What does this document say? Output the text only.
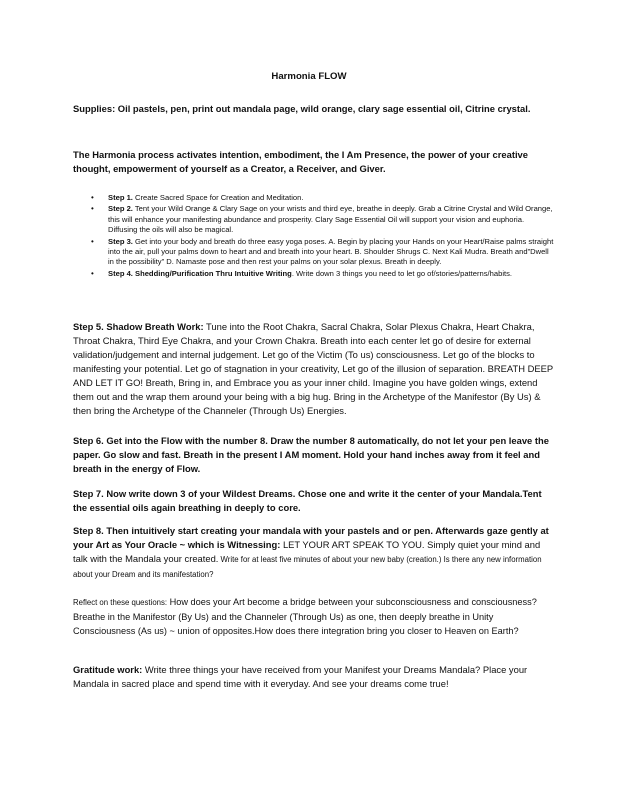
Harmonia FLOW

Supplies: Oil pastels, pen, print out mandala page, wild orange, clary sage essential oil, Citrine crystal.

The Harmonia process activates intention, embodiment, the I Am Presence, the power of your creative thought, empowerment of yourself as a Creator, a Receiver, and Giver.

• Step 1. Create Sacred Space for Creation and Meditation.
• Step 2. Tent your Wild Orange & Clary Sage on your wrists and third eye, breathe in deeply. Grab a Citrine Crystal and Wild Orange, this will enhance your manifesting abundance and prosperity. Clary Sage Essential Oil will support your vision and euphoria. Diffusing the oils will also be magical.
• Step 3. Get into your body and breath do three easy yoga poses. A. Begin by placing your Hands on your Heart/Raise palms straight into the air, pull your palms down to heart and and breath into your heart. B. Shoulder Shrugs C. Next Kali Mudra. Breath and”Dwell in the possibility” D. Namaste pose and then rest your palms on your solar plexus. Breath in deeply.
• Step 4. Shedding/Purification Thru Intuitive Writing. Write down 3 things you need to let go of/stories/patterns/habits.

Step 5. Shadow Breath Work: Tune into the Root Chakra, Sacral Chakra, Solar Plexus Chakra, Heart Chakra, Throat Chakra, Third Eye Chakra, and your Crown Chakra. Breath into each center let go of desire for external validation/judgement and internal judgement. Let go of the Victim (To us) consciousness. Let go of the blocks to manifesting your potential. Let go of stagnation in your creativity, Let go of the illusion of separation. BREATH DEEP AND LET IT GO! Breath, Bring in, and Embrace you as your inner child. Imagine you have golden wings, extend them out and the wrap them around your being with a big hug. Bring in the Archetype of the Manifestor (By Us) & then bring the Archetype of the Channeler (Through Us) Energies.

Step 6. Get into the Flow with the number 8. Draw the number 8 automatically, do not let your pen leave the paper. Go slow and fast. Breath in the present I AM moment. Hold your hand inches away from it feel and breath in the energy of Flow.

Step 7. Now write down 3 of your Wildest Dreams. Chose one and write it the center of your Mandala.Tent the essential oils again breathing in deeply to core.

Step 8. Then intuitively start creating your mandala with your pastels and or pen. Afterwards gaze gently at your Art as Your Oracle ~ which is Witnessing: LET YOUR ART SPEAK TO YOU. Simply quiet your mind and talk with the Mandala your created. Write for at least five minutes of about your new baby (creation.) Is there any new information about your Dream and its manifestation?

Reflect on these questions: How does your Art become a bridge between your subconsciousness and consciousness? Breathe in the Manifestor (By Us) and the Channeler (Through Us) as one, then deeply breathe in Unity Consciousness (As us) ~ union of opposites.How does there integration bring you closer to Heaven on Earth?

Gratitude work: Write three things your have received from your Manifest your Dreams Mandala? Place your Mandala in sacred place and spend time with it everyday. And see your dreams come true!
